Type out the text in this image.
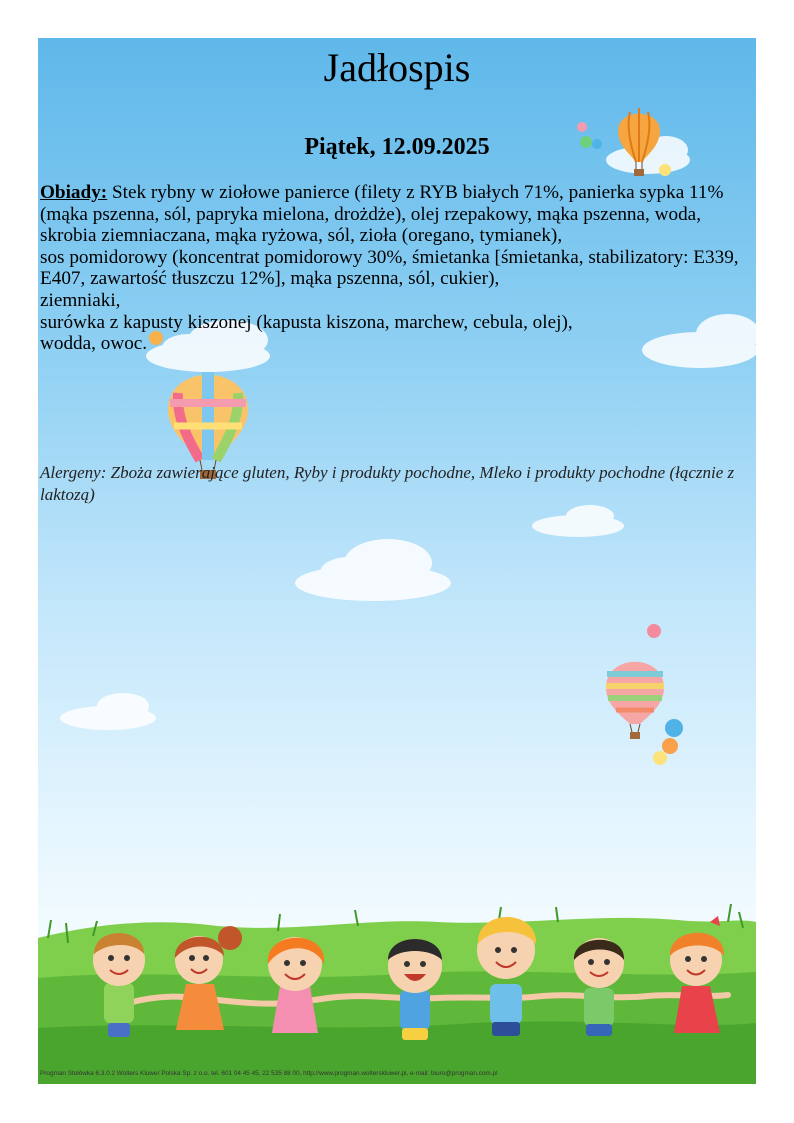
Jadłospis
Piątek, 12.09.2025
Obiady: Stek rybny w ziołowe panierce (filety z RYB białych 71%, panierka sypka 11% (mąka pszenna, sól, papryka mielona, drożdże), olej rzepakowy, mąka pszenna, woda, skrobia ziemniaczana, mąka ryżowa, sól, zioła (oregano, tymianek),
sos pomidorowy (koncentrat pomidorowy 30%, śmietanka [śmietanka, stabilizatory: E339, E407, zawartość tłuszczu 12%], mąka pszenna, sól, cukier),
ziemniaki,
surówka z kapusty kiszonej (kapusta kiszona, marchew, cebula, olej),
wodda, owoc.

Alergeny: Zboża zawierające gluten, Ryby i produkty pochodne, Mleko i produkty pochodne (łącznie z laktozą)

Progman Stołówka 6.3.0.2 Wolters Kluwer Polska Sp. z o.o. tel. 601 04 45 45, 22 535 88 00, http://www.progman.wolterskluwer.pl, e-mail: biuro@progman.com.pl
